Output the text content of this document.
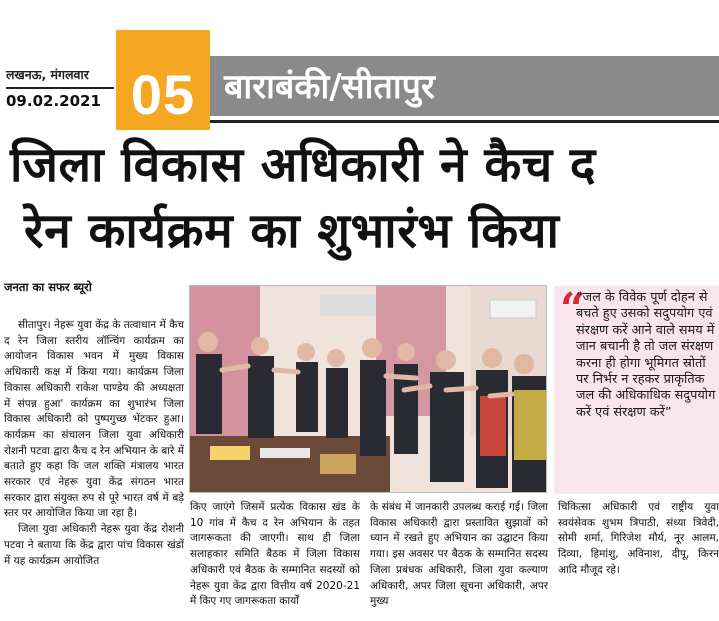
लखनऊ, मंगलवार
09.02.2021 05 बाराबंकी/सीतापुर
जिला विकास अधिकारी ने कैच द
रेन कार्यक्रम का शुभारंभ किया
जनता का सफर ब्यूरो

सीतापुर। नेहरू युवा केंद्र के तत्वाधान में कैच द रेन जिला स्तरीय लॉन्चिंग कार्यक्रम का आयोजन विकास भवन में मुख्य विकास अधिकारी कक्ष में किया गया। कार्यक्रम जिला विकास अधिकारी राकेश पाण्डेय की अध्यक्षता में संपन्न हुआ' कार्यक्रम का शुभारंभ जिला विकास अधिकारी को पुष्पगुच्छ भेंटकर हुआ। कार्यक्रम का संचालन जिला युवा अधिकारी रोशनी पटवा द्वारा कैच द रेन अभियान के बारे में बताते हुए कहा कि जल शक्ति मंत्रालय भारत सरकार एवं नेहरू युवा केंद्र संगठन भारत सरकार द्वारा संयुक्त रुप से पूरे भारत वर्ष में बड़े स्तर पर आयोजित किया जा रहा है।

जिला युवा अधिकारी नेहरू युवा केंद्र रोशनी पटवा ने बताया कि केंद्र द्वारा पांच विकास खंडों में यह कार्यक्रम आयोजित

“
“जल के विवेक पूर्ण दोहन से बचते हुए उसको सदुपयोग एवं संरक्षण करें आने वाले समय में जान बचानी है तो जल संरक्षण करना ही होगा भूमिगत स्रोतों पर निर्भर न रहकर प्राकृतिक जल की अधिकाधिक सदुपयोग करें एवं संरक्षण करें”
किए जाएंगे जिसमें प्रत्येक विकास खंड के 10 गांव में कैच द रेन अभियान के तहत जागरूकता की जाएगी। साथ ही जिला सलाहकार समिति बैठक में जिला विकास अधिकारी एवं बैठक के सम्मानित सदस्यों को नेहरू युवा केंद्र द्वारा वित्तीय वर्ष 2020-21 में किए गए जागरूकता कार्यों
के संबंध में जानकारी उपलब्ध कराई गई। जिला विकास अधिकारी द्वारा प्रस्तावित सुझावों को ध्यान में रखते हुए अभियान का उद्घाटन किया गया। इस अवसर पर बैठक के सम्मानित सदस्य जिला प्रबंधक अधिकारी, जिला युवा कल्याण अधिकारी, अपर जिला सूचना अधिकारी, अपर मुख्य
चिकित्सा अधिकारी एवं राष्ट्रीय युवा स्वयंसेवक शुभम त्रिपाठी, संध्या त्रिवेदी, सोमी शर्मा, गिरिजेश मौर्य, नूर आलम, दिव्या, हिमांशु, अविनाश, दीपू, किरन आदि मौजूद रहे।
